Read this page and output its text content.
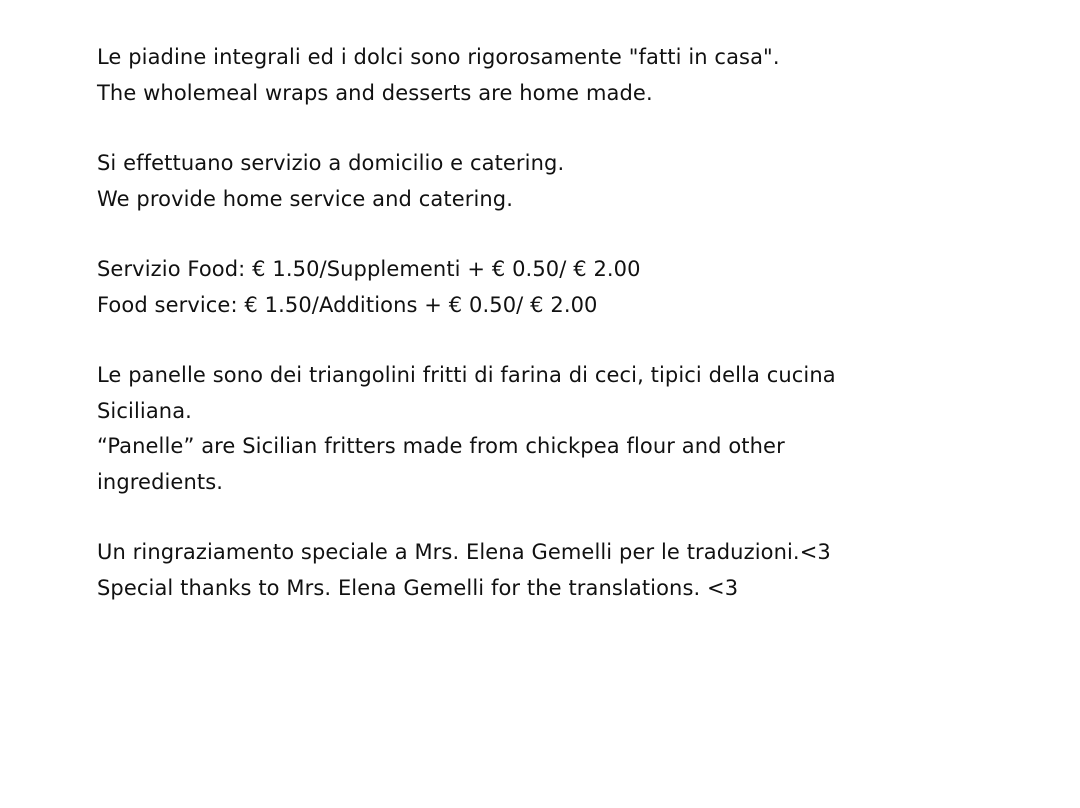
Le piadine integrali ed i dolci sono rigorosamente "fatti in casa".
The wholemeal wraps and desserts are home made.
Si effettuano servizio a domicilio e catering.
We provide home service and catering.
Servizio Food: € 1.50/Supplementi + € 0.50/ € 2.00
Food service: € 1.50/Additions + € 0.50/ € 2.00
Le panelle sono dei triangolini fritti di farina di ceci, tipici della cucina Siciliana.
“Panelle” are Sicilian fritters made from chickpea flour and other ingredients.
Un ringraziamento speciale a Mrs. Elena Gemelli per le traduzioni.<3
Special thanks to Mrs. Elena Gemelli for the translations. <3
